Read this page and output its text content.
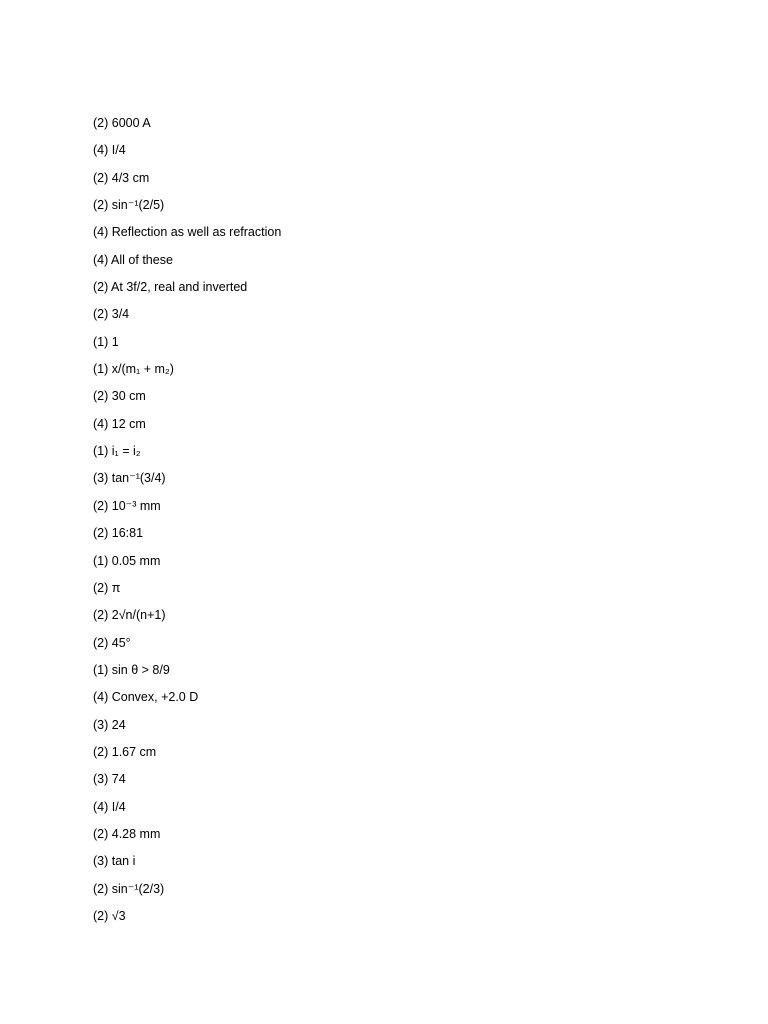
(2) 6000 A
(4) I/4
(2) 4/3 cm
(2) sin⁻¹(2/5)
(4) Reflection as well as refraction
(4) All of these
(2) At 3f/2, real and inverted
(2) 3/4
(1) 1
(1) x/(m₁ + m₂)
(2) 30 cm
(4) 12 cm
(1) i₁ = i₂
(3) tan⁻¹(3/4)
(2) 10⁻³ mm
(2) 16:81
(1) 0.05 mm
(2) π
(2) 2√n/(n+1)
(2) 45°
(1) sin θ > 8/9
(4) Convex, +2.0 D
(3) 24
(2) 1.67 cm
(3) 74
(4) I/4
(2) 4.28 mm
(3) tan i
(2) sin⁻¹(2/3)
(2) √3
